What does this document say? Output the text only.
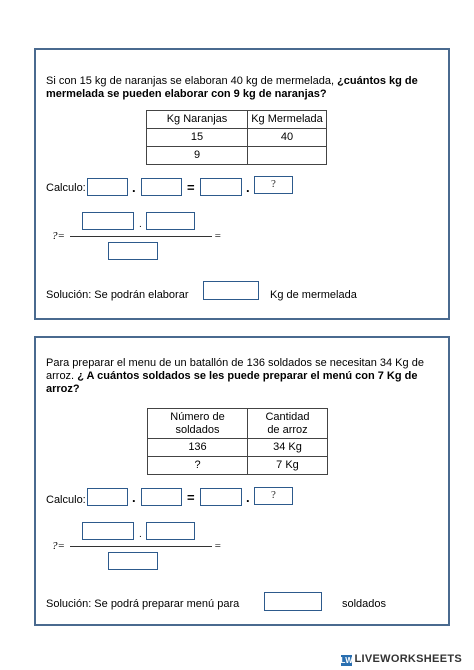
Si con 15 kg de naranjas se elaboran 40 kg de mermelada, ¿cuántos kg de
mermelada se pueden elaborar con 9 kg de naranjas?
Kg Naranjas	Kg Mermelada
15	40
9	
Calculo:	.	=	.	?
.
?=	=
Solución: Se podrán elaborar	Kg de mermelada
Para preparar el menu de un batallón de 136 soldados se necesitan 34 Kg de
arroz. ¿ A cuántos soldados se les puede preparar el menú con 7 Kg de
arroz?
Número de soldados	Cantidad de arroz
136	34 Kg
?	7 Kg
Calculo:	.	=	.	?
.
?=	=
Solución: Se podrá preparar menú para	soldados
LWLIVEWORKSHEETS
